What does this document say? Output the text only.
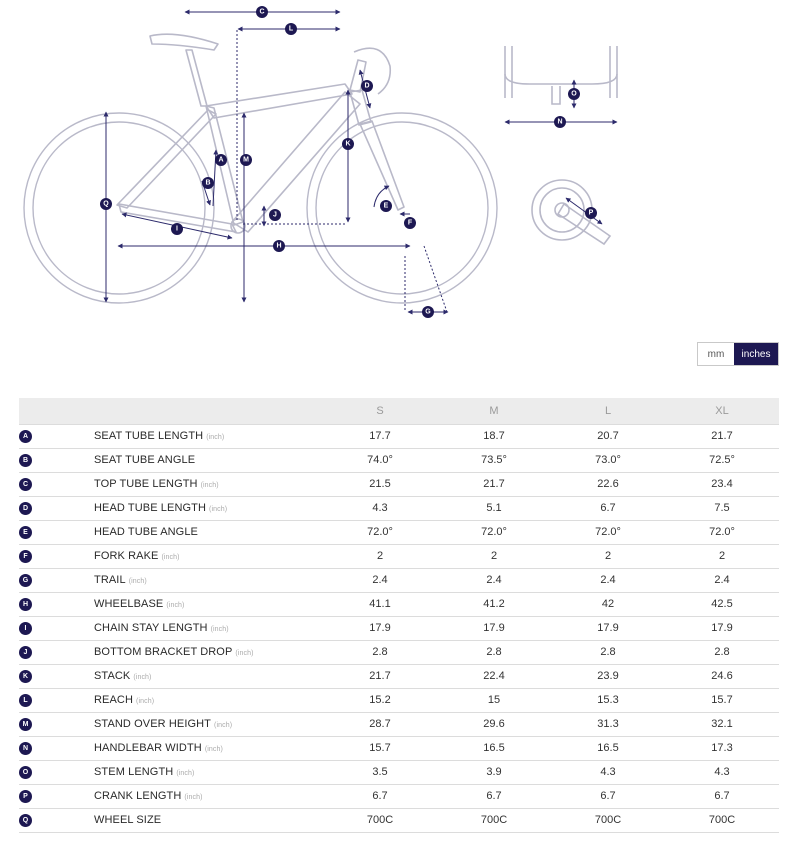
A
B
C
D
E
F
G
H
I
J
K
L
M
N
O
P
Q
mm	inches
		S	M	L	XL
A	SEAT TUBE LENGTH (inch)	17.7	18.7	20.7	21.7
B	SEAT TUBE ANGLE	74.0°	73.5°	73.0°	72.5°
C	TOP TUBE LENGTH (inch)	21.5	21.7	22.6	23.4
D	HEAD TUBE LENGTH (inch)	4.3	5.1	6.7	7.5
E	HEAD TUBE ANGLE	72.0°	72.0°	72.0°	72.0°
F	FORK RAKE (inch)	2	2	2	2
G	TRAIL (inch)	2.4	2.4	2.4	2.4
H	WHEELBASE (inch)	41.1	41.2	42	42.5
I	CHAIN STAY LENGTH (inch)	17.9	17.9	17.9	17.9
J	BOTTOM BRACKET DROP (inch)	2.8	2.8	2.8	2.8
K	STACK (inch)	21.7	22.4	23.9	24.6
L	REACH (inch)	15.2	15	15.3	15.7
M	STAND OVER HEIGHT (inch)	28.7	29.6	31.3	32.1
N	HANDLEBAR WIDTH (inch)	15.7	16.5	16.5	17.3
O	STEM LENGTH (inch)	3.5	3.9	4.3	4.3
P	CRANK LENGTH (inch)	6.7	6.7	6.7	6.7
Q	WHEEL SIZE	700C	700C	700C	700C
